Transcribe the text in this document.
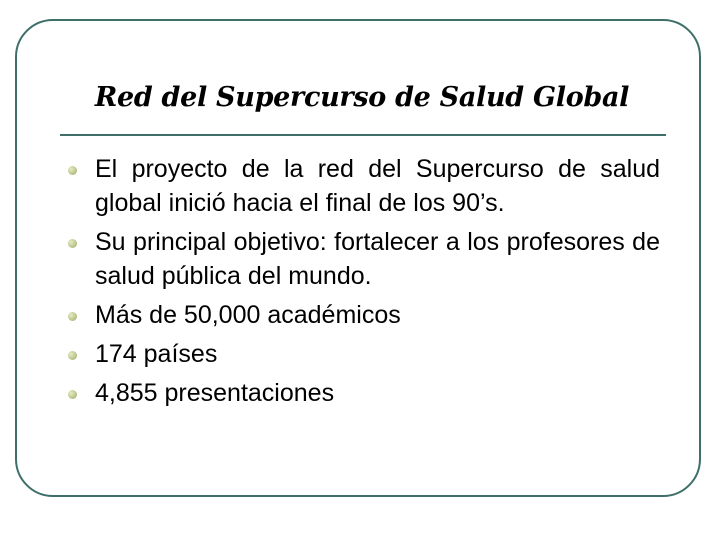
Red del Supercurso de Salud Global
El proyecto de la red del Supercurso de salud global inició hacia el final de los 90’s.
Su principal objetivo: fortalecer a los profesores de salud pública del mundo.
Más de 50,000 académicos
174 países
4,855 presentaciones
